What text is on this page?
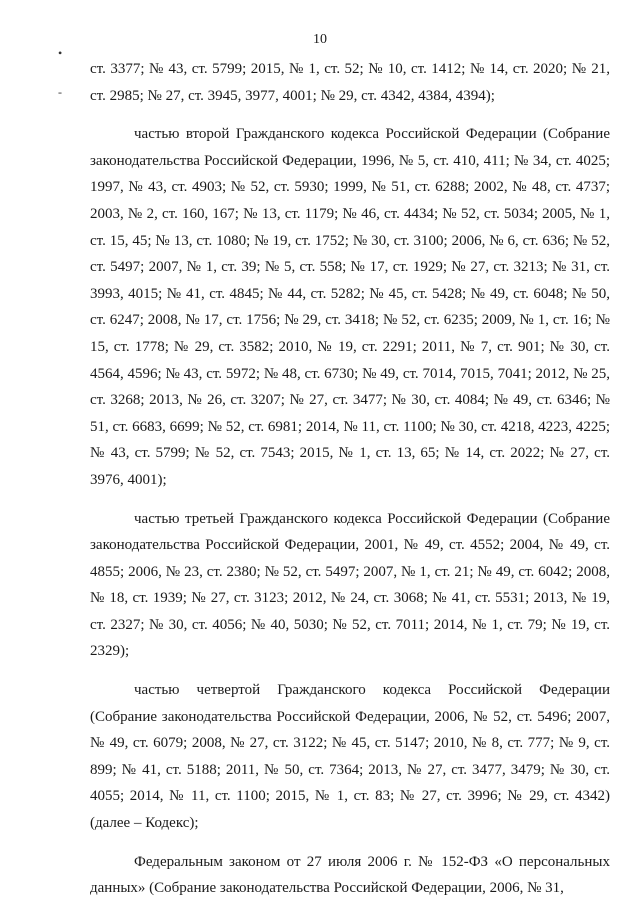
10
•
-

ст. 3377; № 43, ст. 5799; 2015, № 1, ст. 52; № 10, ст. 1412; № 14, ст. 2020; № 21, ст. 2985; № 27, ст. 3945, 3977, 4001; № 29, ст. 4342, 4384, 4394);

частью второй Гражданского кодекса Российской Федерации (Собрание законодательства Российской Федерации, 1996, № 5, ст. 410, 411; № 34, ст. 4025; 1997, № 43, ст. 4903; № 52, ст. 5930; 1999, № 51, ст. 6288; 2002, № 48, ст. 4737; 2003, № 2, ст. 160, 167; № 13, ст. 1179; № 46, ст. 4434; № 52, ст. 5034; 2005, № 1, ст. 15, 45; № 13, ст. 1080; № 19, ст. 1752; № 30, ст. 3100; 2006, № 6, ст. 636; № 52, ст. 5497; 2007, № 1, ст. 39; № 5, ст. 558; № 17, ст. 1929; № 27, ст. 3213; № 31, ст. 3993, 4015; № 41, ст. 4845; № 44, ст. 5282; № 45, ст. 5428; № 49, ст. 6048; № 50, ст. 6247; 2008, № 17, ст. 1756; № 29, ст. 3418; № 52, ст. 6235; 2009, № 1, ст. 16; № 15, ст. 1778; № 29, ст. 3582; 2010, № 19, ст. 2291; 2011, № 7, ст. 901; № 30, ст. 4564, 4596; № 43, ст. 5972; № 48, ст. 6730; № 49, ст. 7014, 7015, 7041; 2012, № 25, ст. 3268; 2013, № 26, ст. 3207; № 27, ст. 3477; № 30, ст. 4084; № 49, ст. 6346; № 51, ст. 6683, 6699; № 52, ст. 6981; 2014, № 11, ст. 1100; № 30, ст. 4218, 4223, 4225; № 43, ст. 5799; № 52, ст. 7543; 2015, № 1, ст. 13, 65; № 14, ст. 2022; № 27, ст. 3976, 4001);

частью третьей Гражданского кодекса Российской Федерации (Собрание законодательства Российской Федерации, 2001, № 49, ст. 4552; 2004, № 49, ст. 4855; 2006, № 23, ст. 2380; № 52, ст. 5497; 2007, № 1, ст. 21; № 49, ст. 6042; 2008, № 18, ст. 1939; № 27, ст. 3123; 2012, № 24, ст. 3068; № 41, ст. 5531; 2013, № 19, ст. 2327; № 30, ст. 4056; № 40, 5030; № 52, ст. 7011; 2014, № 1, ст. 79; № 19, ст. 2329);

частью четвертой Гражданского кодекса Российской Федерации (Собрание законодательства Российской Федерации, 2006, № 52, ст. 5496; 2007, № 49, ст. 6079; 2008, № 27, ст. 3122; № 45, ст. 5147; 2010, № 8, ст. 777; № 9, ст. 899; № 41, ст. 5188; 2011, № 50, ст. 7364; 2013, № 27, ст. 3477, 3479; № 30, ст. 4055; 2014, № 11, ст. 1100; 2015, № 1, ст. 83; № 27, ст. 3996; № 29, ст. 4342) (далее – Кодекс);

Федеральным законом от 27 июля 2006 г. № 152-ФЗ «О персональных данных» (Собрание законодательства Российской Федерации, 2006, № 31,
